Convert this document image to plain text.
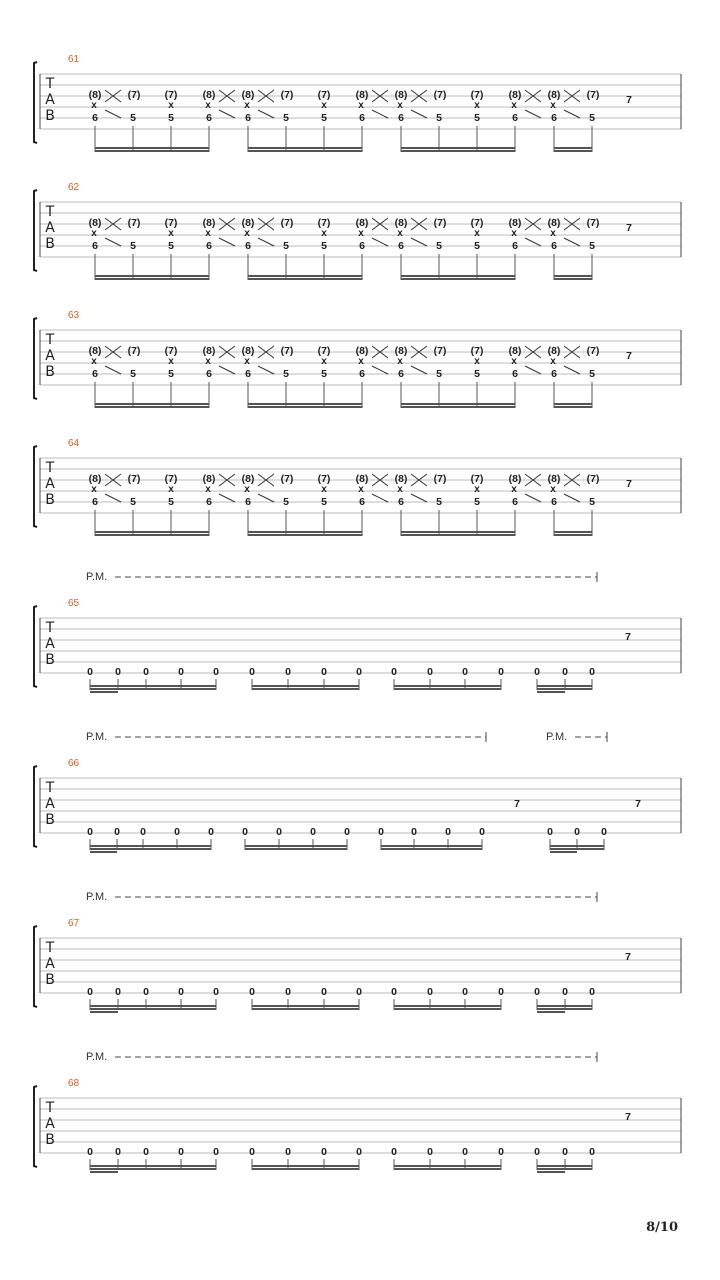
T
A
B
61
(8)
x
6
(7)
5
(7)
x
5
(8)
x
6
(8)
x
6
(7)
5
(7)
x
5
(8)
x
6
(8)
x
6
(7)
5
(7)
x
5
(8)
x
6
(8)
x
6
(7)
5
7
T
A
B
62
(8)
x
6
(7)
5
(7)
x
5
(8)
x
6
(8)
x
6
(7)
5
(7)
x
5
(8)
x
6
(8)
x
6
(7)
5
(7)
x
5
(8)
x
6
(8)
x
6
(7)
5
7
T
A
B
63
(8)
x
6
(7)
5
(7)
x
5
(8)
x
6
(8)
x
6
(7)
5
(7)
x
5
(8)
x
6
(8)
x
6
(7)
5
(7)
x
5
(8)
x
6
(8)
x
6
(7)
5
7
T
A
B
64
(8)
x
6
(7)
5
(7)
x
5
(8)
x
6
(8)
x
6
(7)
5
(7)
x
5
(8)
x
6
(8)
x
6
(7)
5
(7)
x
5
(8)
x
6
(8)
x
6
(7)
5
7
P.M.
T
A
B
65
0 0 0	0	0	0	0	0	0	0	0	0	0	0 0 0
7
P.M.	P.M.
T
A
B
66
0 0 0	0	0	0	0	0	0	0	0	0	0	0 0 0
7	7
P.M.
T
A
B
67
0 0 0	0	0	0	0	0	0	0	0	0	0	0 0 0
7
P.M.
T
A
B
68
0 0 0	0	0	0	0	0	0	0	0	0	0	0 0 0
7
8/10
